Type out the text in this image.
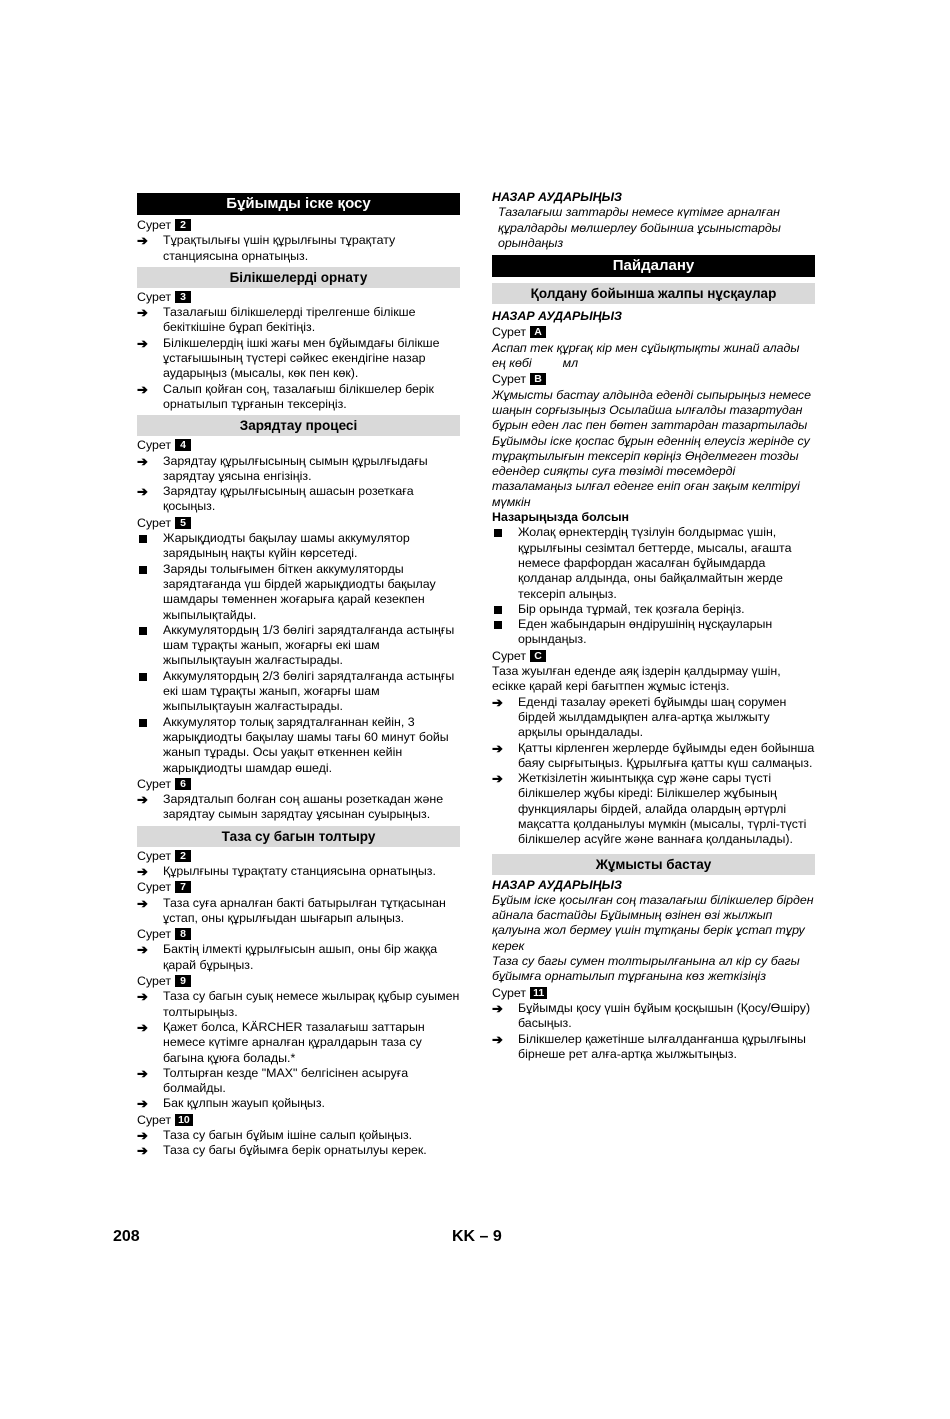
Бұйымды іске қосу
Сурет 2
➔ Тұрақтылығы үшін құрылғыны тұрақтату станциясына орнатыңыз.
Білікшелерді орнату
Сурет 3
➔ Тазалағыш білікшелерді тірелгенше білікше бекіткішіне бұрап бекітіңіз.
➔ Білікшелердің ішкі жағы мен бұйымдағы білікше ұстағышының түстері сәйкес екендігіне назар аударыңыз (мысалы, көк пен көк).
➔ Салып қойған соң, тазалағыш білікшелер берік орнатылып тұрғанын тексеріңіз.
Зарядтау процесі
Сурет 4
➔ Зарядтау құрылғысының сымын құрылғыдағы зарядтау ұясына енгізіңіз.
➔ Зарядтау құрылғысының ашасын розеткаға қосыңыз.
Сурет 5
Жарықдиодты бақылау шамы аккумулятор зарядының нақты күйін көрсетеді.
Заряды толығымен біткен аккумуляторды зарядтағанда үш бірдей жарықдиодты бақылау шамдары төменнен жоғарыға қарай кезекпен жыпылықтайды.
Аккумулятордың 1/3 бөлігі зарядталғанда астыңғы шам тұрақты жанып, жоғарғы екі шам жыпылықтауын жалғастырады.
Аккумулятордың 2/3 бөлігі зарядталғанда астыңғы екі шам тұрақты жанып, жоғарғы шам жыпылықтауын жалғастырады.
Аккумулятор толық зарядталғаннан кейін, 3 жарықдиодты бақылау шамы тағы 60 минут бойы жанып тұрады. Осы уақыт өткеннен кейін жарықдиодты шамдар өшеді.
Сурет 6
➔ Зарядталып болған соң ашаны розеткадан және зарядтау сымын зарядтау ұясынан суырыңыз.
Таза су багын толтыру
Сурет 2
➔ Құрылғыны тұрақтату станциясына орнатыңыз.
Сурет 7
➔ Таза суға арналған бакті батырылған тұтқасынан ұстап, оны құрылғыдан шығарып алыңыз.
Сурет 8
➔ Бактің ілмекті құрылғысын ашып, оны бір жаққа қарай бұрыңыз.
Сурет 9
➔ Таза су багын суық немесе жылырақ құбыр суымен толтырыңыз.
➔ Қажет болса, KÄRCHER тазалағыш заттарын немесе күтімге арналған құралдарын таза су багына құюға болады.*
➔ Толтырған кезде "MAX" белгісінен асыруға болмайды.
➔ Бак құлпын жауып қойыңыз.
Сурет 10
➔ Таза су багын бұйым ішіне салып қойыңыз.
➔ Таза су багы бұйымға берік орнатылуы керек.
НАЗАР АУДАРЫҢЫЗ
Тазалағыш заттарды немесе күтімге арналған құралдарды мөлшерлеу бойынша ұсыныстарды орындаңыз
Пайдалану
Қолдану бойынша жалпы нұсқаулар
НАЗАР АУДАРЫҢЫЗ
Сурет A
Аспап тек құрғақ кір мен сұйықтықты жинай алады  ең көбі         мл
Сурет B
Жұмысты бастау алдында еденді сыпырыңыз немесе шаңын сорғызыңыз Осылайша ылғалды тазартудан бұрын еден лас пен бөтен заттардан тазартылады
Бұйымды іске қоспас бұрын еденнің елеусіз жерінде су тұрақтылығын тексеріп көріңіз Өңделмеген тозды едендер сияқты суға төзімді төсемдерді тазаламаңыз ылғал еденге еніп оған зақым келтіруі мүмкін
Назарыңызда болсын
Жолақ өрнектердің түзілуін болдырмас үшін, құрылғыны сезімтал беттерде, мысалы, ағашта немесе фарфордан жасалған бұйымдарда қолданар алдында, оны байқалмайтын жерде тексеріп алыңыз.
Бір орында тұрмай, тек қозғала беріңіз.
Еден жабындарын өндірушінің нұсқауларын орындаңыз.
Сурет C
Таза жуылған еденде аяқ іздерін қалдырмау үшін, есікке қарай кері бағытпен жұмыс істеңіз.
➔ Еденді тазалау әрекеті бұйымды шаң сорумен бірдей жылдамдықпен алға-артқа жылжыту арқылы орындалады.
➔ Қатты кірленген жерлерде бұйымды еден бойынша баяу сырғытыңыз. Құрылғыға қатты күш салмаңыз.
➔ Жеткізілетін жиынтыққа сұр және сары түсті білікшелер жұбы кіреді: Білікшелер жұбының функциялары бірдей, алайда олардың әртүрлі мақсатта қолданылуы мүмкін (мысалы, түрлі-түсті білікшелер асүйге және ваннаға қолданылады).
Жұмысты бастау
НАЗАР АУДАРЫҢЫЗ
Бұйым іске қосылған соң тазалағыш білікшелер бірден айнала бастайды Бұйымның өзінен өзі жылжып қалуына жол бермеу үшін тұтқаны берік ұстап тұру керек
Таза су багы сумен толтырылғанына ал кір су багы бұйымға орнатылып тұрғанына көз жеткізіңіз
Сурет 11
➔ Бұйымды қосу үшін бұйым қосқышын (Қосу/Өшіру) басыңыз.
➔ Білікшелер қажетінше ылғалданғанша құрылғыны бірнеше рет алға-артқа жылжытыңыз.
208	KK – 9
